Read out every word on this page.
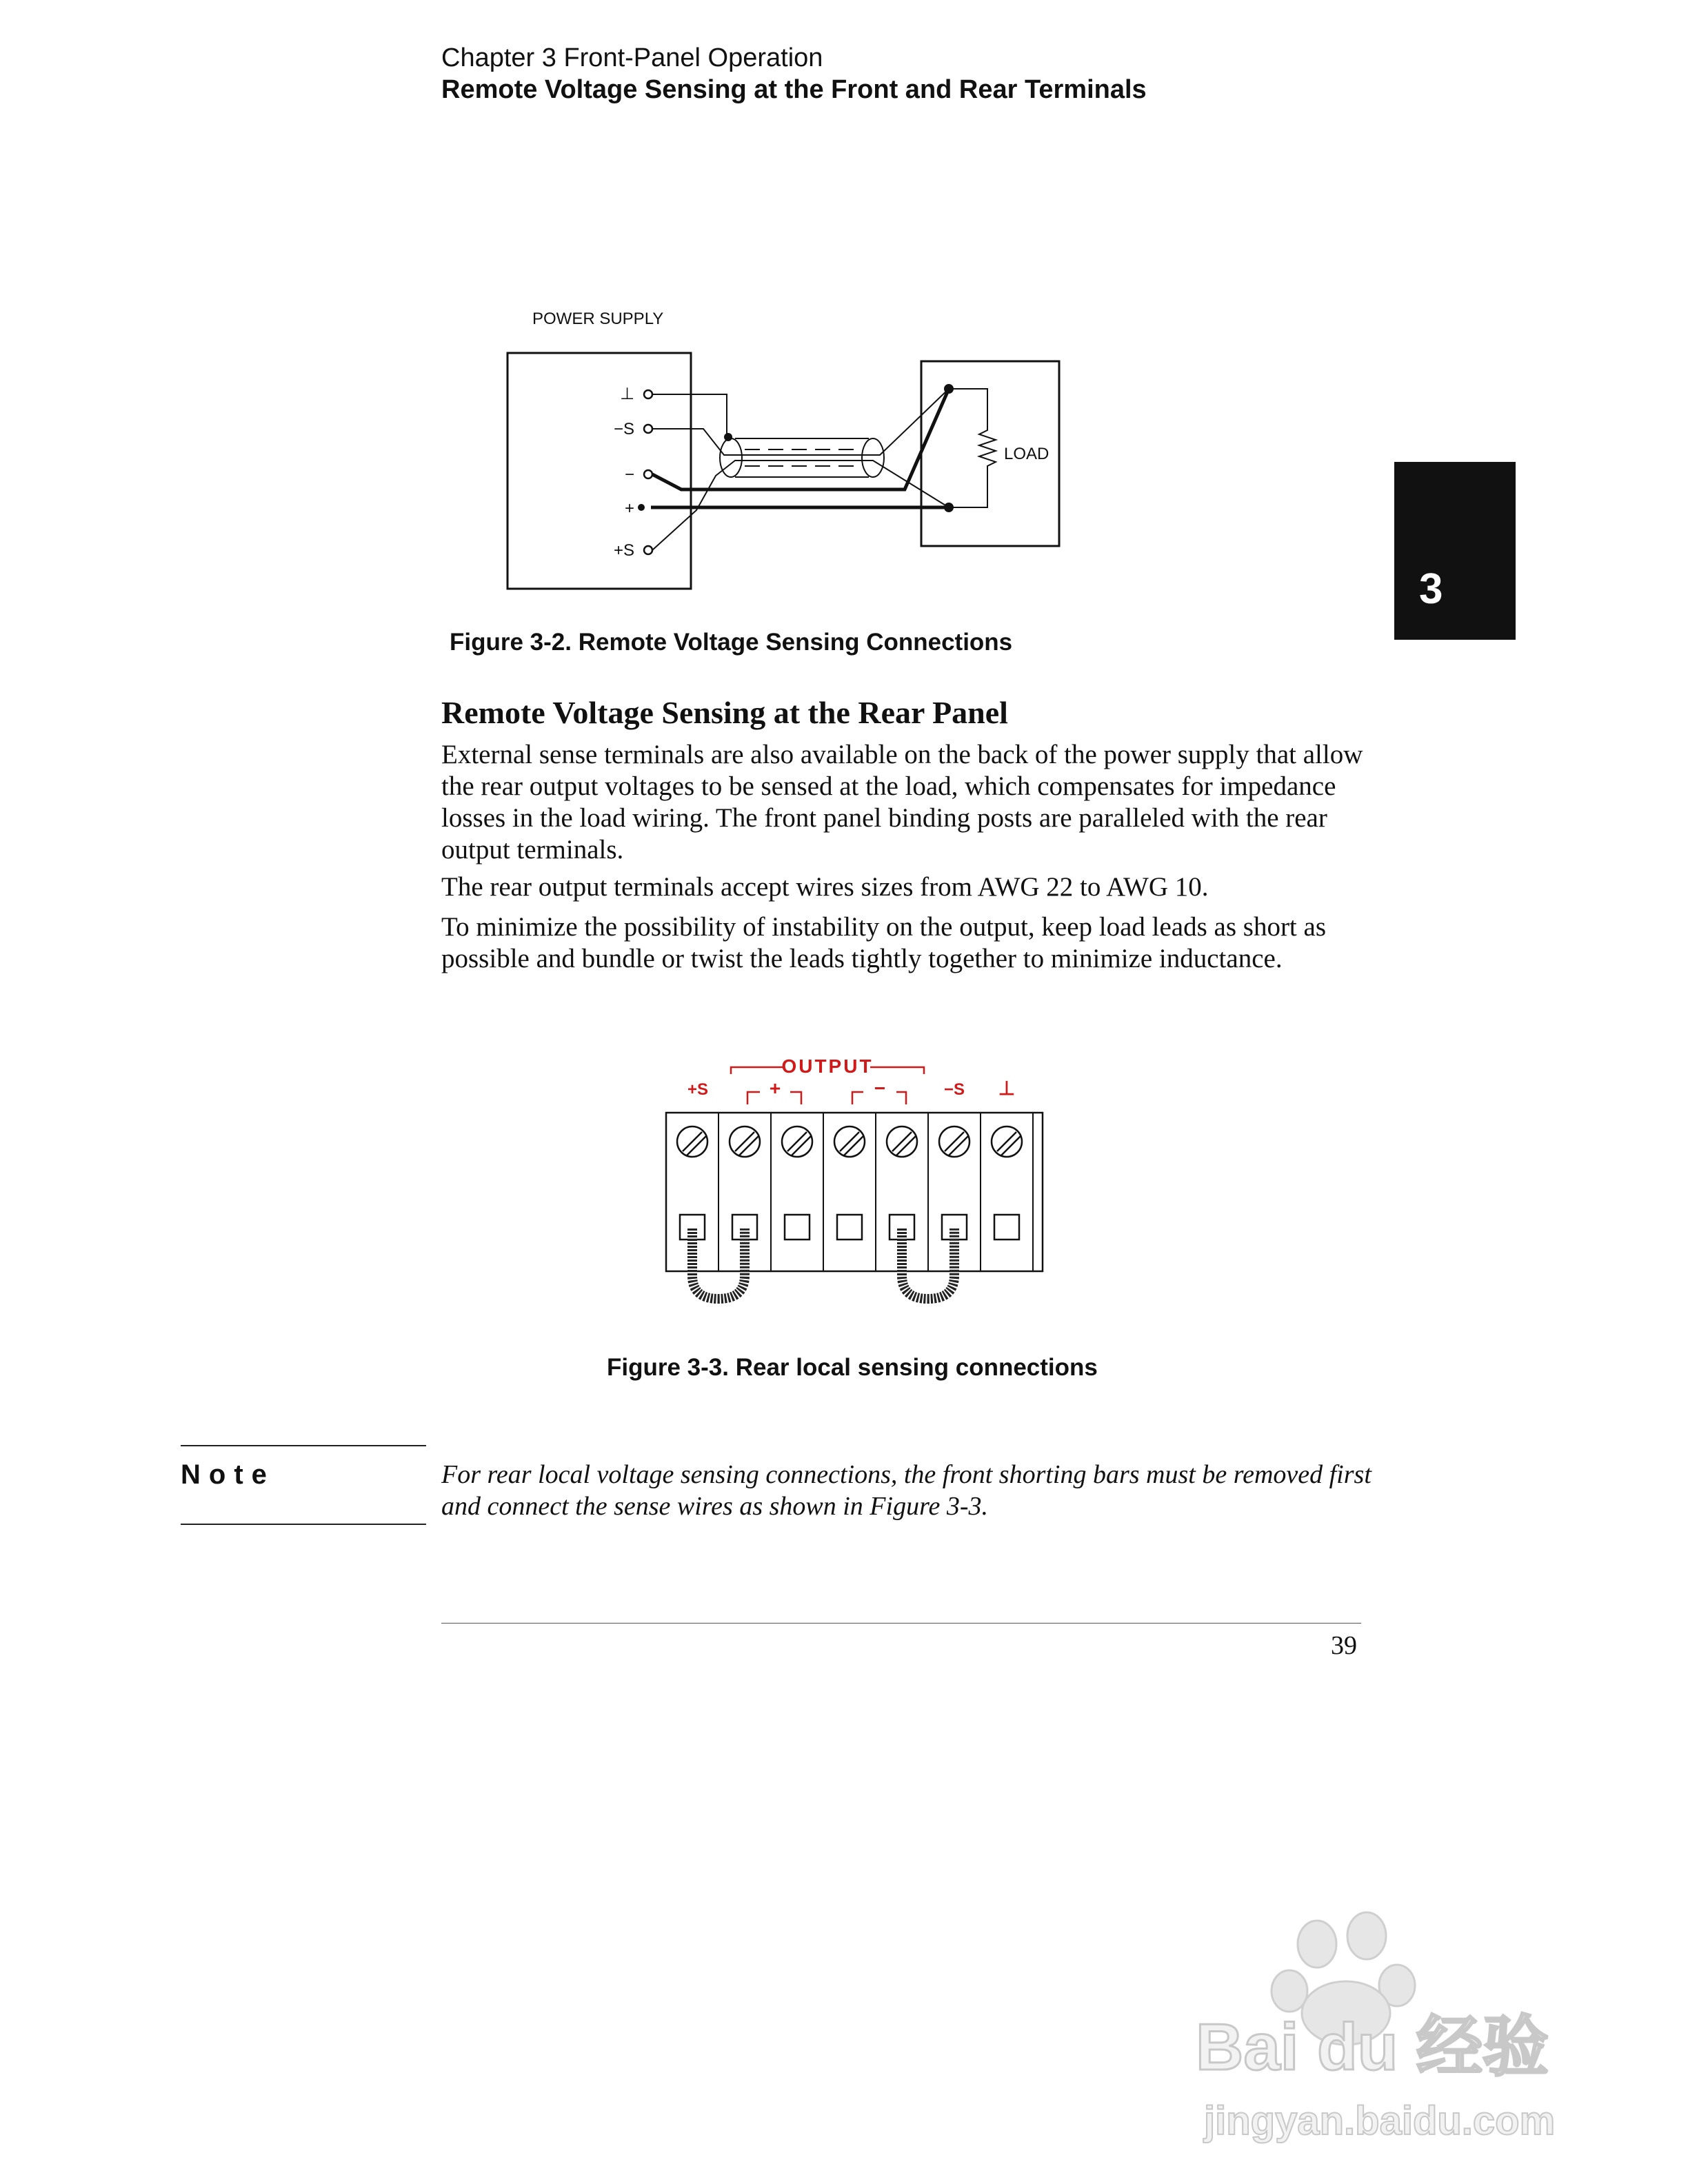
Chapter 3 Front-Panel Operation
Remote Voltage Sensing at the Front and Rear Terminals
3
POWER SUPPLY
⊥
−S
−
+
+S
LOAD
Figure 3-2. Remote Voltage Sensing Connections
Remote Voltage Sensing at the Rear Panel
External sense terminals are also available on the back of the power supply that allow the rear output voltages to be sensed at the load, which compensates for impedance losses in the load wiring. The front panel binding posts are paralleled with the rear output terminals.
The rear output terminals accept wires sizes from AWG 22 to AWG 10.
To minimize the possibility of instability on the output, keep load leads as short as possible and bundle or twist the leads tightly together to minimize inductance.
OUTPUT
+S	+	−	−S ⊥
Figure 3-3. Rear local sensing connections
Note	For rear local voltage sensing connections, the front shorting bars must be removed first and connect the sense wires as shown in Figure 3-3.
39
Bai du 经验
jingyan.baidu.com
